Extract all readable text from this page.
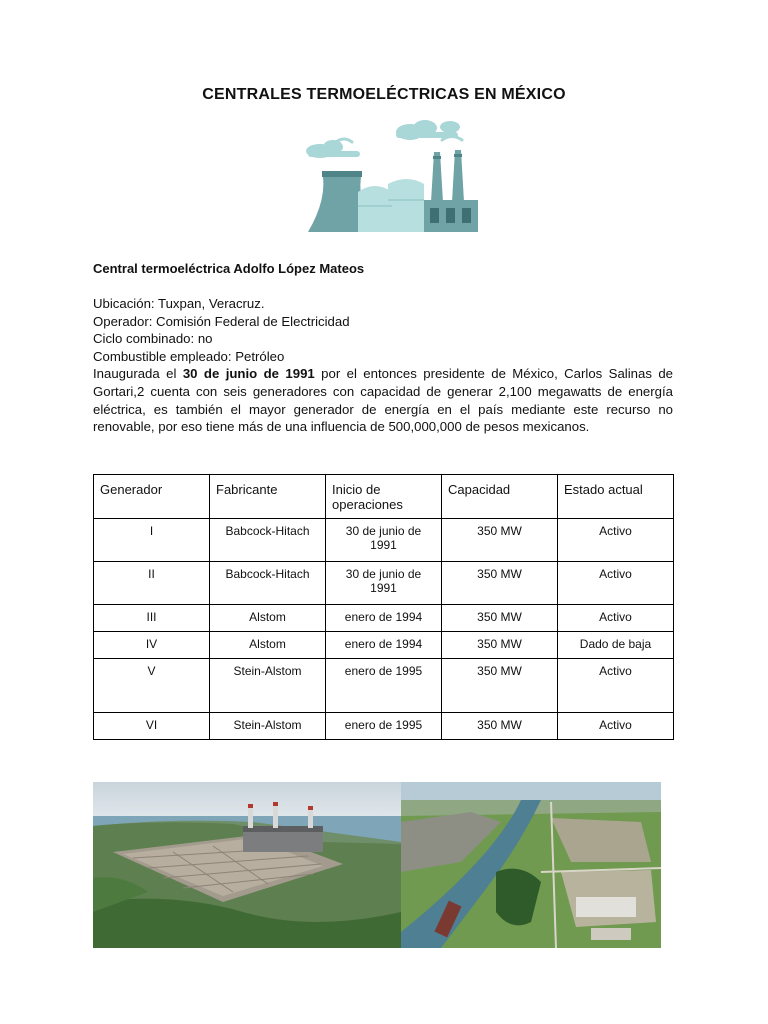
CENTRALES TERMOELÉCTRICAS EN MÉXICO
Central termoeléctrica Adolfo López Mateos

Ubicación: Tuxpan, Veracruz.

Operador: Comisión Federal de Electricidad

Ciclo combinado: no

Combustible empleado: Petróleo

Inaugurada el 30 de junio de 1991 por el entonces presidente de México, Carlos Salinas de Gortari,2 cuenta con seis generadores con capacidad de generar 2,100 megawatts de energía eléctrica, es también el mayor generador de energía en el país mediante este recurso no renovable, por eso tiene más de una influencia de 500,000,000 de pesos mexicanos.

Generador	Fabricante	Inicio de operaciones	Capacidad	Estado actual
I	Babcock-Hitach	30 de junio de 1991	350 MW	Activo
II	Babcock-Hitach	30 de junio de 1991	350 MW	Activo
III	Alstom	enero de 1994	350 MW	Activo
IV	Alstom	enero de 1994	350 MW	Dado de baja
V	Stein-Alstom	enero de 1995	350 MW	Activo
VI	Stein-Alstom	enero de 1995	350 MW	Activo
